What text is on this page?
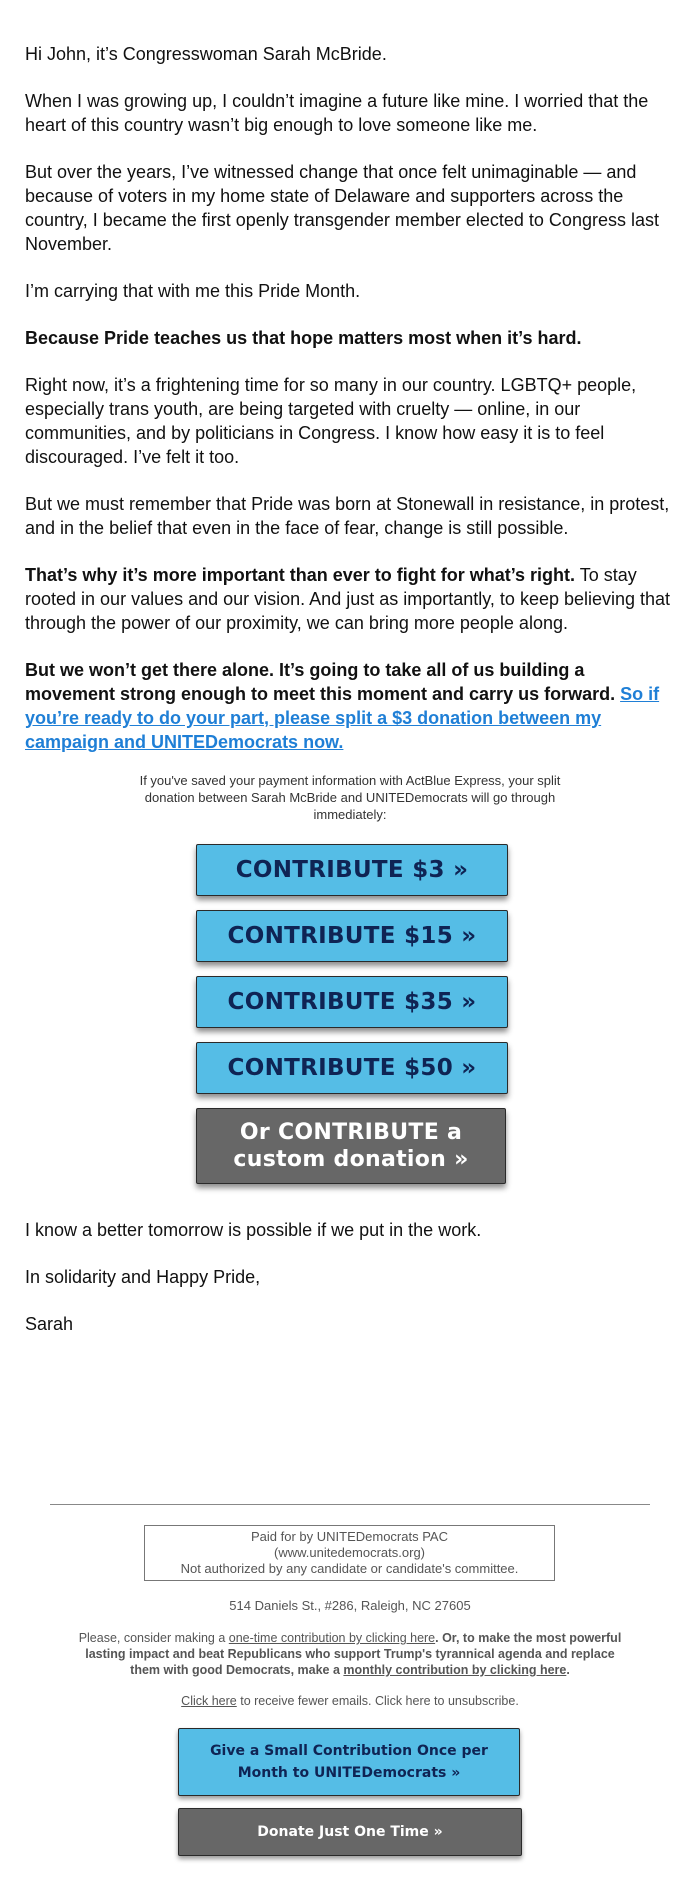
Hi John, it’s Congresswoman Sarah McBride.

When I was growing up, I couldn’t imagine a future like mine. I worried that the heart of this country wasn’t big enough to love someone like me.

But over the years, I’ve witnessed change that once felt unimaginable — and because of voters in my home state of Delaware and supporters across the country, I became the first openly transgender member elected to Congress last November.

I’m carrying that with me this Pride Month.

Because Pride teaches us that hope matters most when it’s hard.

Right now, it’s a frightening time for so many in our country. LGBTQ+ people, especially trans youth, are being targeted with cruelty — online, in our communities, and by politicians in Congress. I know how easy it is to feel discouraged. I’ve felt it too.

But we must remember that Pride was born at Stonewall in resistance, in protest, and in the belief that even in the face of fear, change is still possible.

That’s why it’s more important than ever to fight for what’s right. To stay rooted in our values and our vision. And just as importantly, to keep believing that through the power of our proximity, we can bring more people along.

But we won’t get there alone. It’s going to take all of us building a movement strong enough to meet this moment and carry us forward. So if you’re ready to do your part, please split a $3 donation between my campaign and UNITEDemocrats now.

If you've saved your payment information with ActBlue Express, your split donation between Sarah McBride and UNITEDemocrats will go through immediately:
CONTRIBUTE $3 »
CONTRIBUTE $15 »
CONTRIBUTE $35 »
CONTRIBUTE $50 »
Or CONTRIBUTE a custom donation »
I know a better tomorrow is possible if we put in the work.
In solidarity and Happy Pride,
Sarah
Paid for by UNITEDemocrats PAC
(www.unitedemocrats.org)
Not authorized by any candidate or candidate's committee.
514 Daniels St., #286, Raleigh, NC 27605
Please, consider making a one-time contribution by clicking here. Or, to make the most powerful lasting impact and beat Republicans who support Trump's tyrannical agenda and replace them with good Democrats, make a monthly contribution by clicking here.
Click here to receive fewer emails. Click here to unsubscribe.
Give a Small Contribution Once per Month to UNITEDemocrats »
Donate Just One Time »
